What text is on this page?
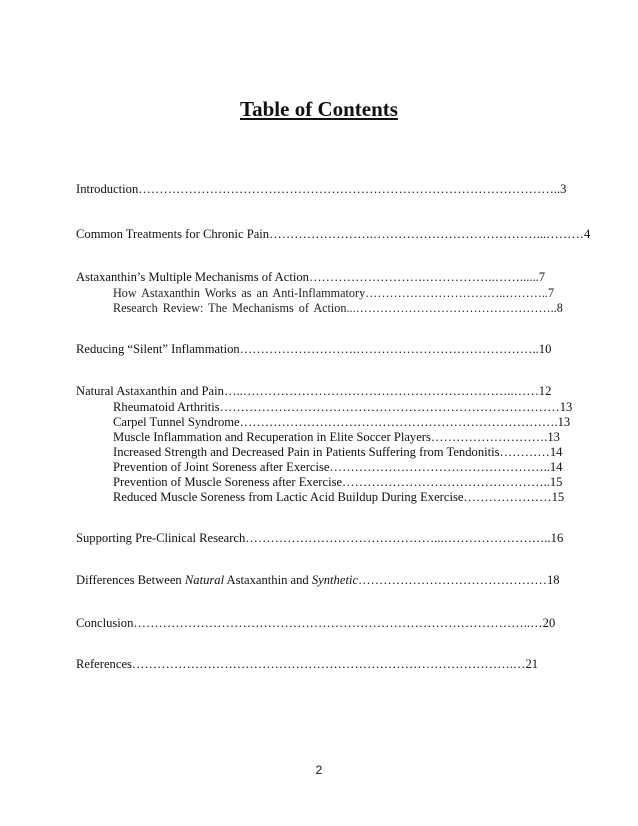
Table of Contents
Introduction………………………………………………………………………………………..3
Common Treatments for Chronic Pain…………………….…………………………………...………4
Astaxanthin’s Multiple Mechanisms of Action……………………….……………..……......7
How Astaxanthin Works as an Anti-Inflammatory……………………………..………..7
Research Review: The Mechanisms of Action...…………………………………………..8
Reducing “Silent” Inflammation……………………….……………………………………..10
Natural Astaxanthin and Pain…..………………………………………………………..……12
Rheumatoid Arthritis………………………………………………………………………13
Carpel Tunnel Syndrome………………………………………………………………….13
Muscle Inflammation and Recuperation in Elite Soccer Players……………………….13
Increased Strength and Decreased Pain in Patients Suffering from Tendonitis…………14
Prevention of Joint Soreness after Exercise……………………………………………..14
Prevention of Muscle Soreness after Exercise…………………………………………..15
Reduced Muscle Soreness from Lactic Acid Buildup During Exercise…………………15
Supporting Pre-Clinical Research………………………………………...……………………..16
Differences Between Natural Astaxanthin and Synthetic………………………………………18
Conclusion…………………………………………………………………………………..…20
References……………………………………………………………………………….…21
2
